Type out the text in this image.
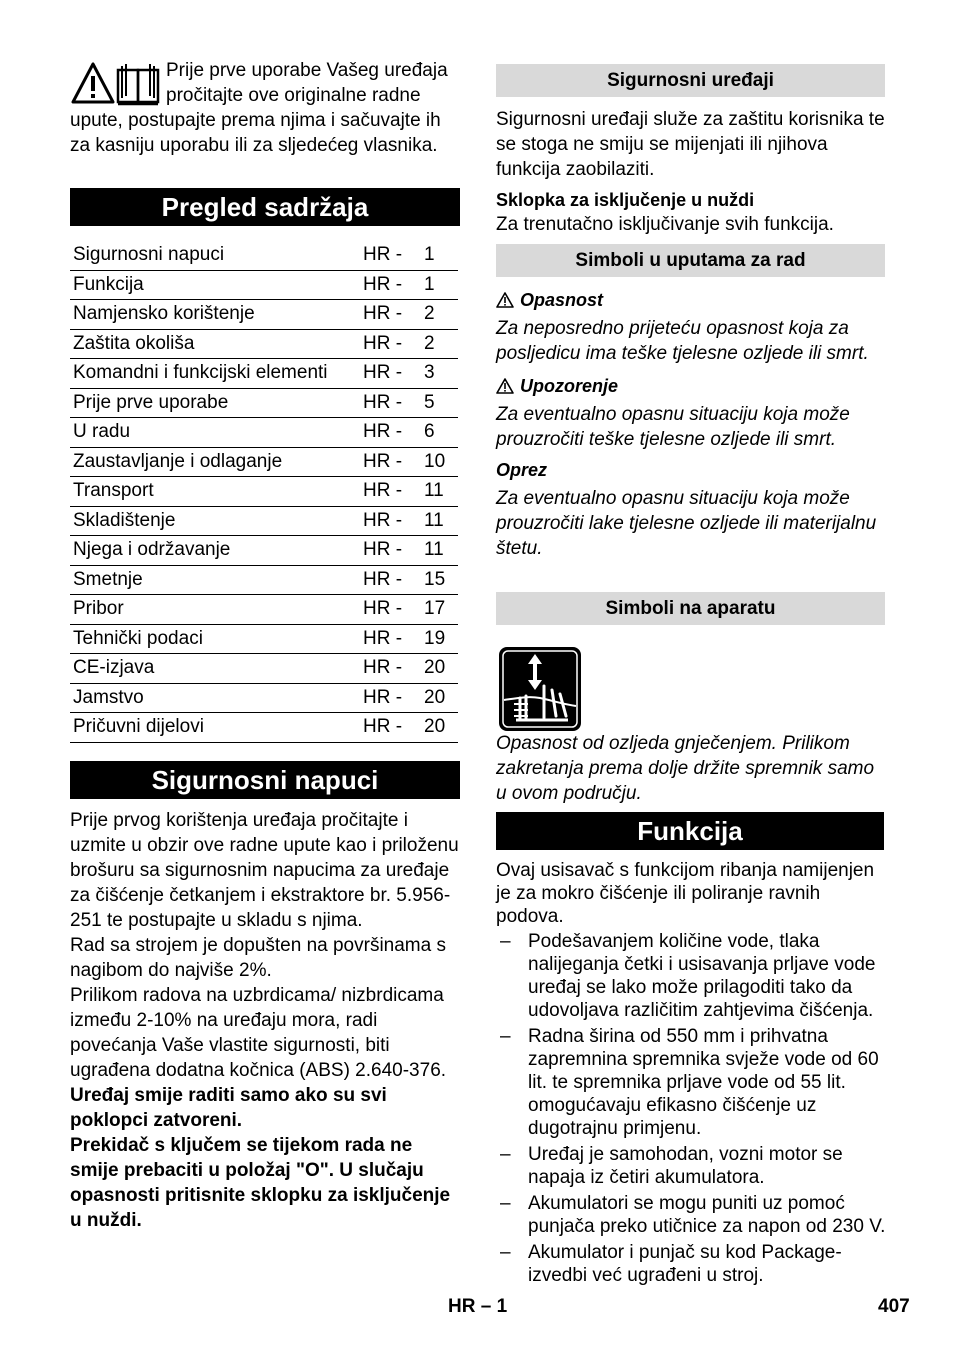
Prije prve uporabe Vašeg uređaja pročitajte ove originalne radne upute, postupajte prema njima i sačuvajte ih za kasniju uporabu ili za sljedećeg vlasnika.

Pregled sadržaja
Sigurnosni napuci	HR -	1
Funkcija	HR -	1
Namjensko korištenje	HR -	2
Zaštita okoliša	HR -	2
Komandni i funkcijski elementi	HR -	3
Prije prve uporabe	HR -	5
U radu	HR -	6
Zaustavljanje i odlaganje	HR -	10
Transport	HR -	11
Skladištenje	HR -	11
Njega i održavanje	HR -	11
Smetnje	HR -	15
Pribor	HR -	17
Tehnički podaci	HR -	19
CE-izjava	HR -	20
Jamstvo	HR -	20
Pričuvni dijelovi	HR -	20
Sigurnosni napuci

Prije prvog korištenja uređaja pročitajte i uzmite u obzir ove radne upute kao i priloženu brošuru sa sigurnosnim napucima za uređaje za čišćenje četkanjem i ekstraktore br. 5.956-251 te postupajte u skladu s njima.

Rad sa strojem je dopušten na površinama s nagibom do najviše 2%.

Prilikom radova na uzbrdicama/ nizbrdicama između 2-10% na uređaju mora, radi povećanja Vaše vlastite sigurnosti, biti ugrađena dodatna kočnica (ABS) 2.640-376.

Uređaj smije raditi samo ako su svi poklopci zatvoreni.

Prekidač s ključem se tijekom rada ne smije prebaciti u položaj "O". U slučaju opasnosti pritisnite sklopku za isključenje u nuždi.

Sigurnosni uređaji

Sigurnosni uređaji služe za zaštitu korisnika te se stoga ne smiju se mijenjati ili njihova funkcija zaobilaziti.

Sklopka za isključenje u nuždi

Za trenutačno isključivanje svih funkcija.

Simboli u uputama za rad
Opasnost

Za neposredno prijeteću opasnost koja za posljedicu ima teške tjelesne ozljede ili smrt.

Upozorenje

Za eventualno opasnu situaciju koja može prouzročiti teške tjelesne ozljede ili smrt.

Oprez

Za eventualno opasnu situaciju koja može prouzročiti lake tjelesne ozljede ili materijalnu štetu.

Simboli na aparatu

Opasnost od ozljeda gnječenjem. Prilikom zakretanja prema dolje držite spremnik samo u ovom području.

Funkcija

Ovaj usisavač s funkcijom ribanja namijenjen je za mokro čišćenje ili poliranje ravnih podova.

– Podešavanjem količine vode, tlaka nalijeganja četki i usisavanja prljave vode uređaj se lako može prilagoditi tako da udovoljava različitim zahtjevima čišćenja.
– Radna širina od 550 mm i prihvatna zapremnina spremnika svježe vode od 60 lit. te spremnika prljave vode od 55 lit. omogućavaju efikasno čišćenje uz dugotrajnu primjenu.
– Uređaj je samohodan, vozni motor se napaja iz četiri akumulatora.
– Akumulatori se mogu puniti uz pomoć punjača preko utičnice za napon od 230 V.
– Akumulator i punjač su kod Package-izvedbi već ugrađeni u stroj.
HR – 1	407
